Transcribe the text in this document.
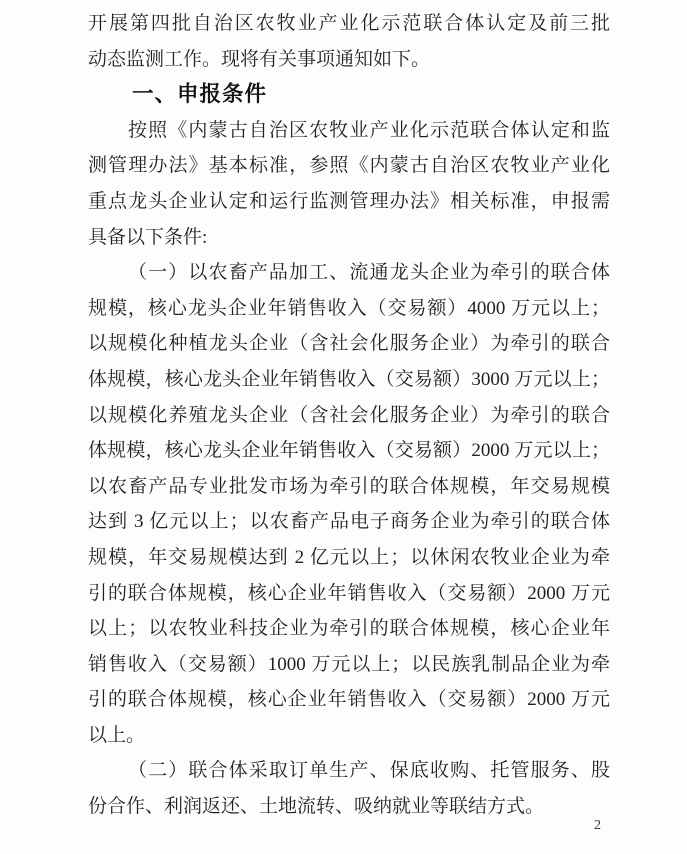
开展第四批自治区农牧业产业化示范联合体认定及前三批
动态监测工作。现将有关事项通知如下。
一、申报条件
按照《内蒙古自治区农牧业产业化示范联合体认定和监
测管理办法》基本标准，参照《内蒙古自治区农牧业产业化
重点龙头企业认定和运行监测管理办法》相关标准，申报需
具备以下条件:
（一）以农畜产品加工、流通龙头企业为牵引的联合体
规模，核心龙头企业年销售收入（交易额）4000 万元以上；
以规模化种植龙头企业（含社会化服务企业）为牵引的联合
体规模，核心龙头企业年销售收入（交易额）3000 万元以上；
以规模化养殖龙头企业（含社会化服务企业）为牵引的联合
体规模，核心龙头企业年销售收入（交易额）2000 万元以上；
以农畜产品专业批发市场为牵引的联合体规模，年交易规模
达到 3 亿元以上；以农畜产品电子商务企业为牵引的联合体
规模，年交易规模达到 2 亿元以上；以休闲农牧业企业为牵
引的联合体规模，核心企业年销售收入（交易额）2000 万元
以上；以农牧业科技企业为牵引的联合体规模，核心企业年
销售收入（交易额）1000 万元以上；以民族乳制品企业为牵
引的联合体规模，核心企业年销售收入（交易额）2000 万元
以上。
（二）联合体采取订单生产、保底收购、托管服务、股
份合作、利润返还、土地流转、吸纳就业等联结方式。
2
